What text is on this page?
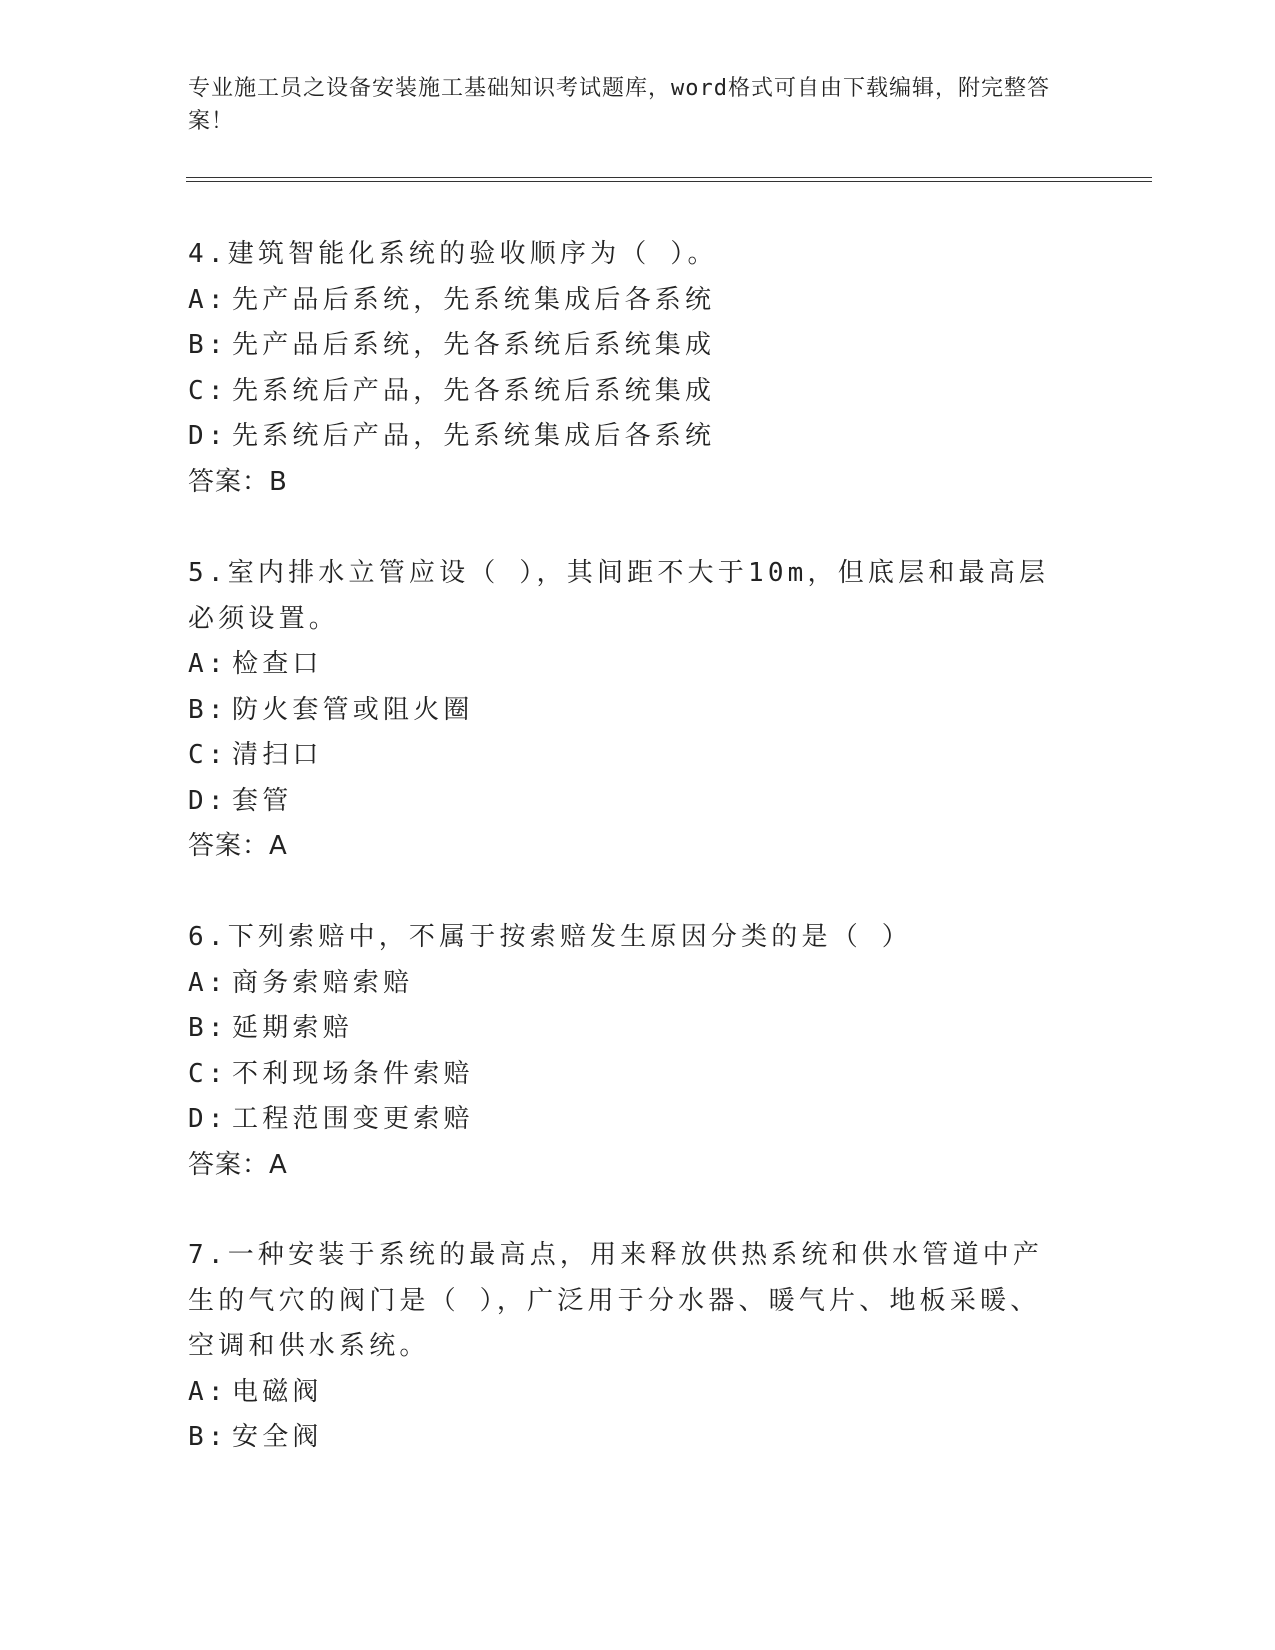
专业施工员之设备安装施工基础知识考试题库，word格式可自由下载编辑，附完整答案！

4.建筑智能化系统的验收顺序为（ ）。

A: 先产品后系统，先系统集成后各系统
B: 先产品后系统，先各系统后系统集成
C: 先系统后产品，先各系统后系统集成
D: 先系统后产品，先系统集成后各系统
答案：B

5.室内排水立管应设（ ），其间距不大于10m，但底层和最高层必须设置。

A: 检查口
B: 防火套管或阻火圈
C: 清扫口
D: 套管
答案：A

6.下列索赔中，不属于按索赔发生原因分类的是（ ）

A: 商务索赔索赔
B: 延期索赔
C: 不利现场条件索赔
D: 工程范围变更索赔
答案：A

7.一种安装于系统的最高点，用来释放供热系统和供水管道中产生的气穴的阀门是（ ），广泛用于分水器、暖气片、地板采暖、空调和供水系统。

A: 电磁阀
B: 安全阀
